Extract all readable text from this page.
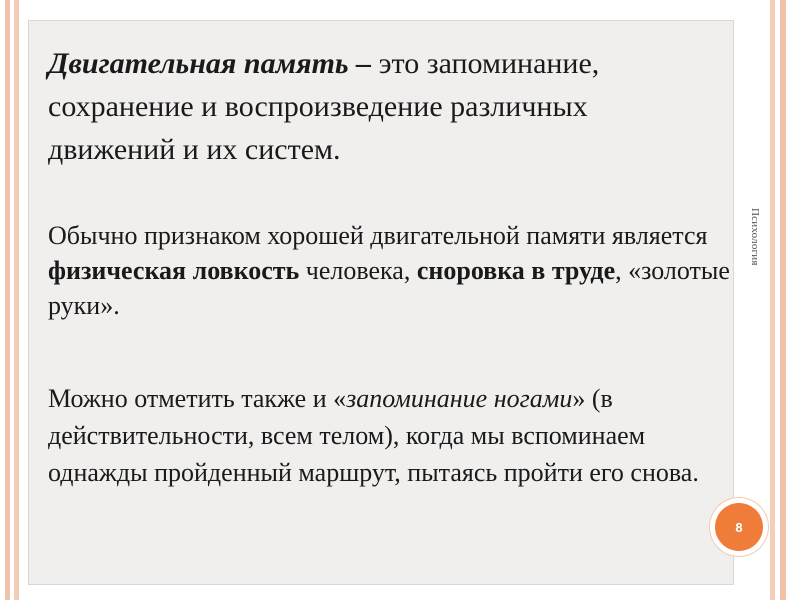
Двигательная память – это запоминание,
сохранение и воспроизведение различных
движений и их систем.

Обычно признаком хорошей двигательной памяти является физическая ловкость человека, сноровка в труде, «золотые руки».

Можно отметить также и «запоминание ногами» (в действительности, всем телом), когда мы вспоминаем однажды пройденный маршрут, пытаясь пройти его снова.

Психология
8
